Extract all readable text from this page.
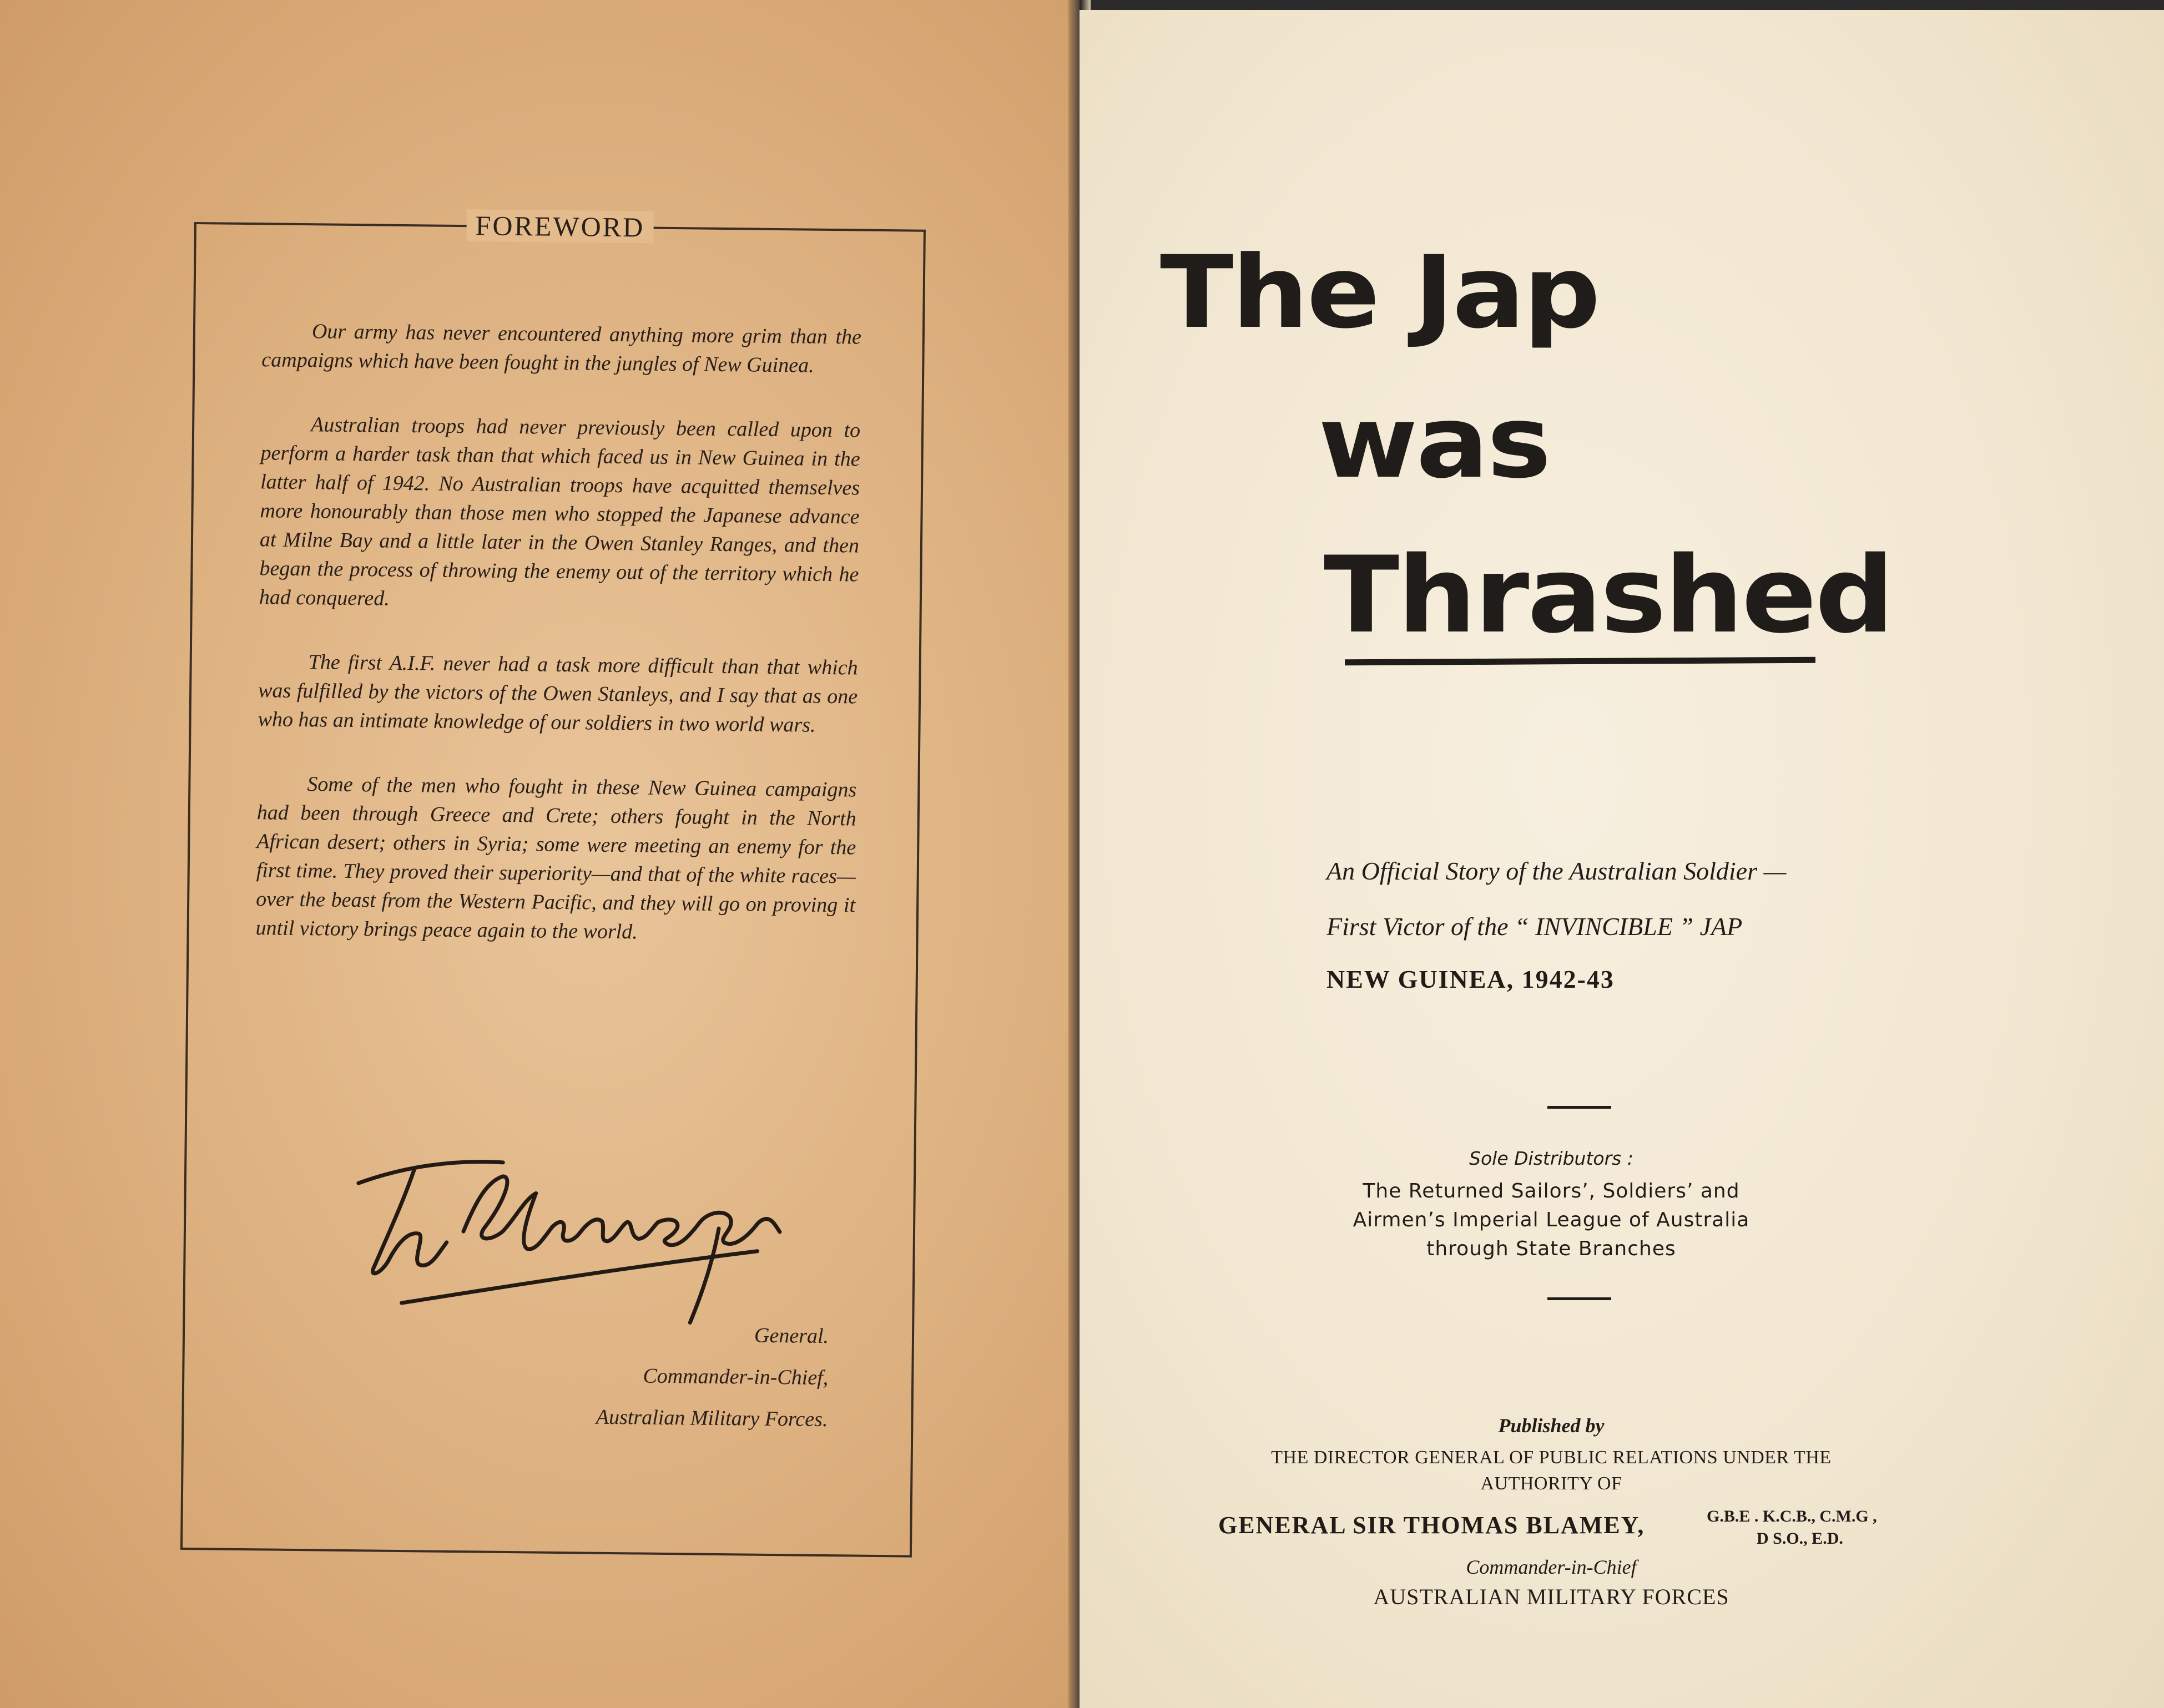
FOREWORD

Our army has never encountered anything more grim than the campaigns which have been fought in the jungles of New Guinea.

Australian troops had never previously been called upon to perform a harder task than that which faced us in New Guinea in the latter half of 1942. No Australian troops have acquitted themselves more honourably than those men who stopped the Japanese advance at Milne Bay and a little later in the Owen Stanley Ranges, and then began the process of throwing the enemy out of the territory which he had conquered.

The first A.I.F. never had a task more difficult than that which was fulfilled by the victors of the Owen Stanleys, and I say that as one who has an intimate knowledge of our soldiers in two world wars.

Some of the men who fought in these New Guinea campaigns had been through Greece and Crete; others fought in the North African desert; others in Syria; some were meeting an enemy for the first time. They proved their superiority—and that of the white races—over the beast from the Western Pacific, and they will go on proving it until victory brings peace again to the world.

General.
Commander-in-Chief,
Australian Military Forces.
The Jap
was
Thrashed
An Official Story of the Australian Soldier —
First Victor of the “ INVINCIBLE ” JAP
NEW GUINEA, 1942-43
Sole Distributors :
The Returned Sailors’, Soldiers’ and
Airmen’s Imperial League of Australia
through State Branches
Published by
THE DIRECTOR GENERAL OF PUBLIC RELATIONS UNDER THE
AUTHORITY OF
GENERAL SIR THOMAS BLAMEY,	G.B.E . K.C.B., C.M.G ,
D S.O., E.D.
Commander-in-Chief
AUSTRALIAN MILITARY FORCES
